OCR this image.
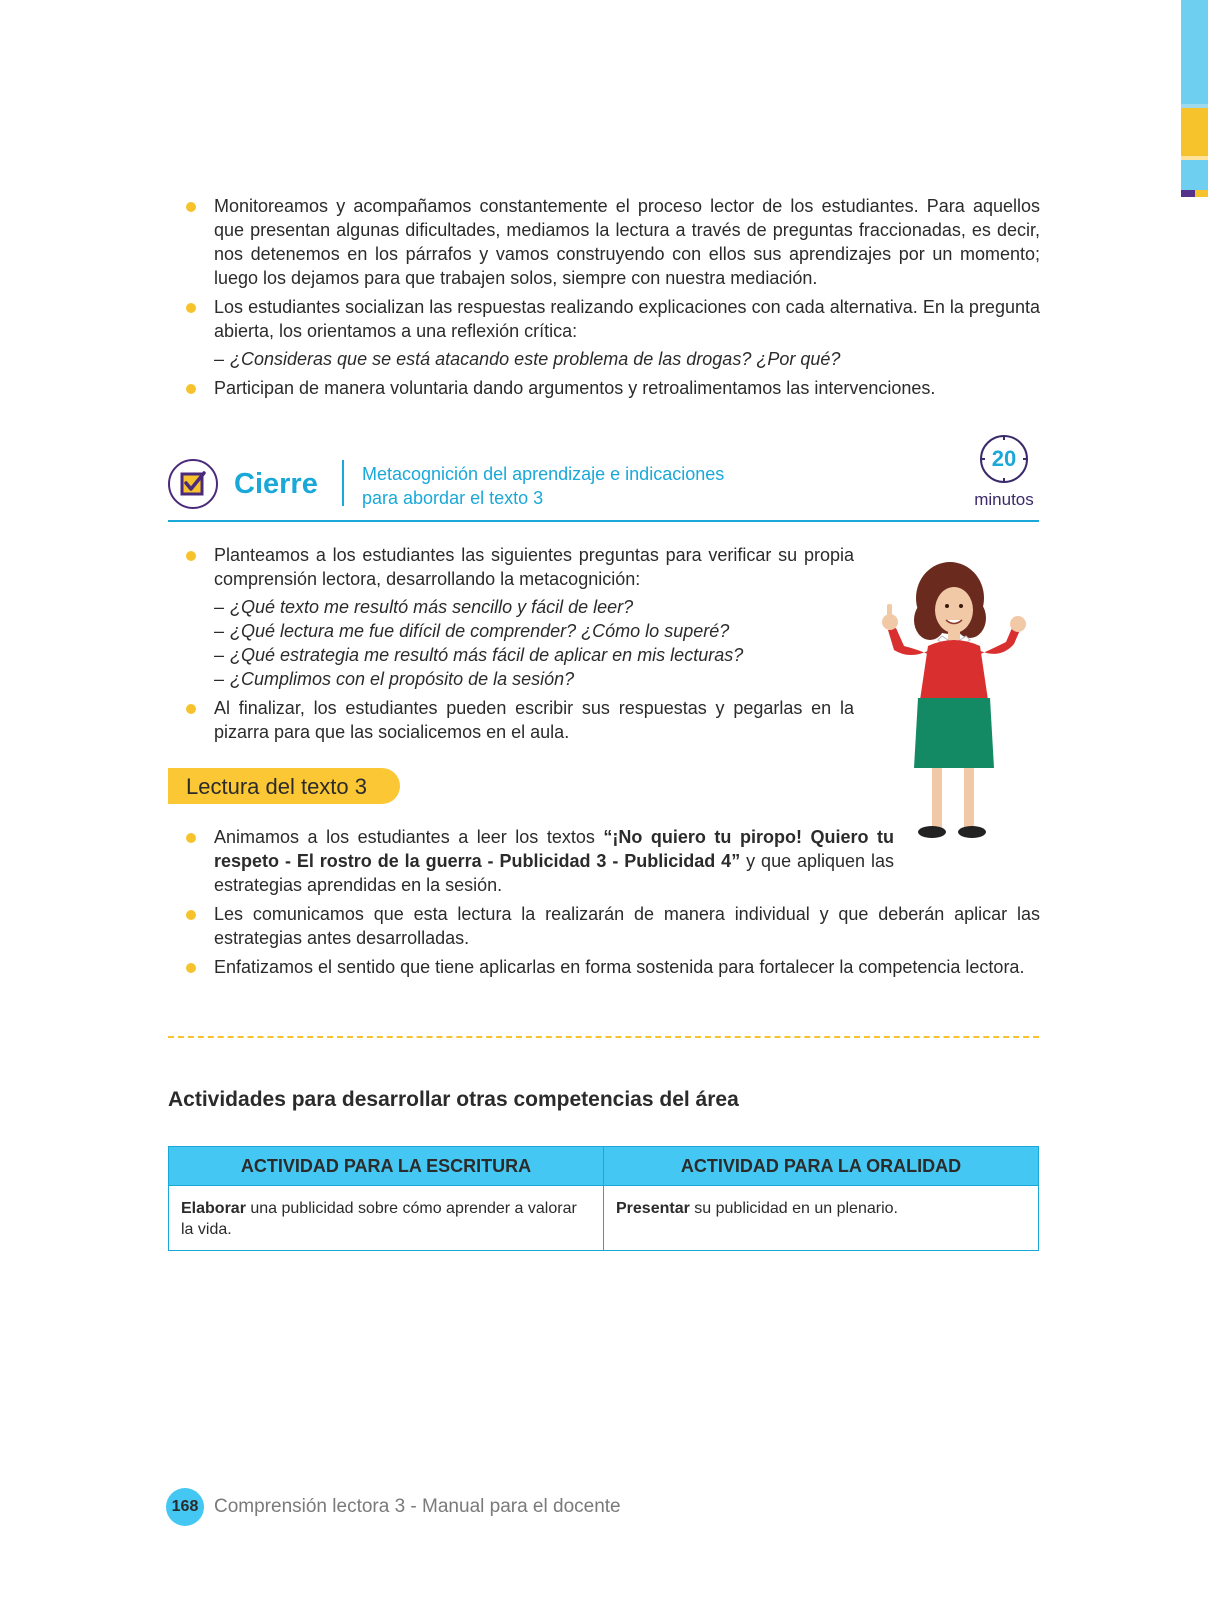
Monitoreamos y acompañamos constantemente el proceso lector de los estudiantes. Para aquellos que presentan algunas dificultades, mediamos la lectura a través de preguntas fraccionadas, es decir, nos detenemos en los párrafos y vamos construyendo con ellos sus aprendizajes por un momento; luego los dejamos para que trabajen solos, siempre con nuestra mediación.
Los estudiantes socializan las respuestas realizando explicaciones con cada alternativa. En la pregunta abierta, los orientamos a una reflexión crítica:
– ¿Consideras que se está atacando este problema de las drogas? ¿Por qué?
Participan de manera voluntaria dando argumentos y retroalimentamos las intervenciones.
Cierre Metacognición del aprendizaje e indicaciones
para abordar el texto 3
20
minutos
Planteamos a los estudiantes las siguientes preguntas para verificar su propia comprensión lectora, desarrollando la metacognición:
– ¿Qué texto me resultó más sencillo y fácil de leer?
– ¿Qué lectura me fue difícil de comprender? ¿Cómo lo superé?
– ¿Qué estrategia me resultó más fácil de aplicar en mis lecturas?
– ¿Cumplimos con el propósito de la sesión?
Al finalizar, los estudiantes pueden escribir sus respuestas y pegarlas en la pizarra para que las socialicemos en el aula.
Lectura del texto 3
Animamos a los estudiantes a leer los textos “¡No quiero tu piropo! Quiero tu respeto - El rostro de la guerra - Publicidad 3 - Publicidad 4” y que apliquen las estrategias aprendidas en la sesión.
Les comunicamos que esta lectura la realizarán de manera individual y que deberán aplicar las estrategias antes desarrolladas.
Enfatizamos el sentido que tiene aplicarlas en forma sostenida para fortalecer la competencia lectora.
Actividades para desarrollar otras competencias del área
ACTIVIDAD PARA LA ESCRITURA	ACTIVIDAD PARA LA ORALIDAD
Elaborar una publicidad sobre cómo aprender a valorar la vida.	Presentar su publicidad en un plenario.
168 Comprensión lectora 3 - Manual para el docente
